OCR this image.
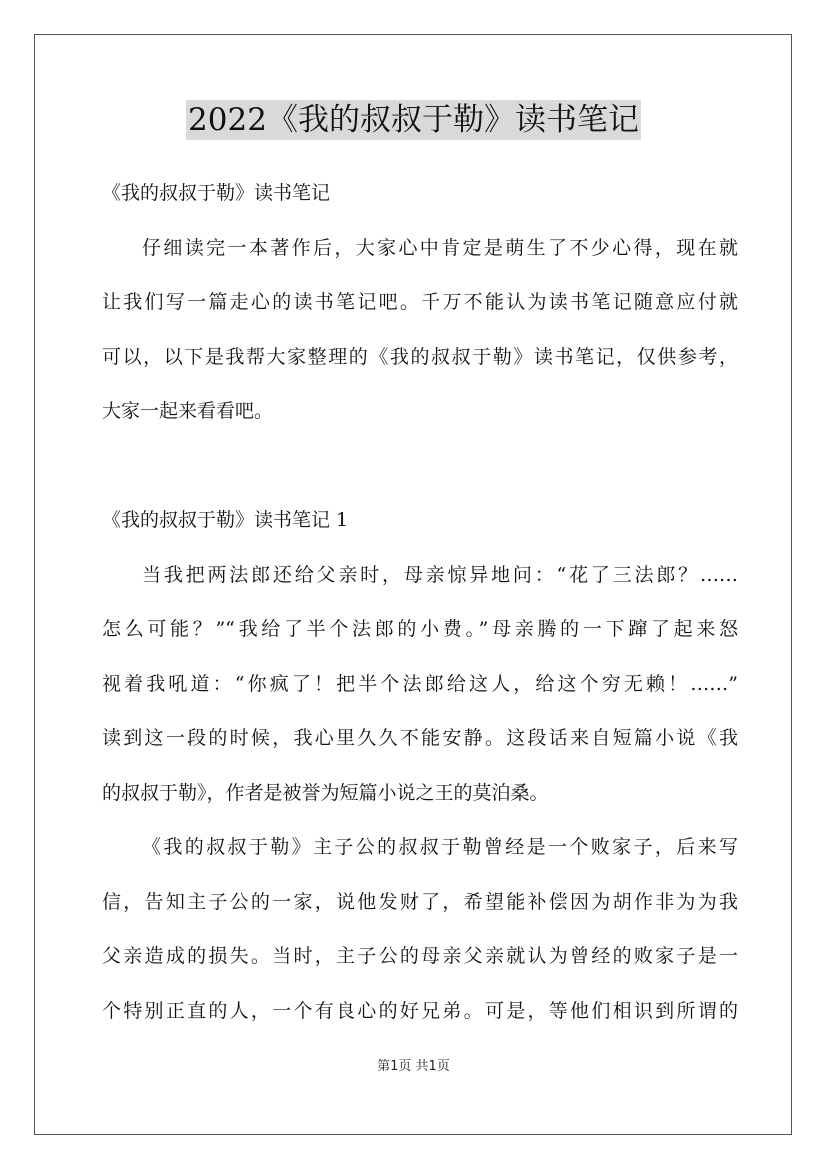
2022《我的叔叔于勒》读书笔记
《我的叔叔于勒》读书笔记
仔细读完一本著作后，大家心中肯定是萌生了不少心得，现在就
让我们写一篇走心的读书笔记吧。千万不能认为读书笔记随意应付就
可以，以下是我帮大家整理的《我的叔叔于勒》读书笔记，仅供参考，
大家一起来看看吧。
《我的叔叔于勒》读书笔记 1
当我把两法郎还给父亲时，母亲惊异地问：“花了三法郎？……
怎么可能？”“我给了半个法郎的小费。”母亲腾的一下蹿了起来怒
视着我吼道：“你疯了！把半个法郎给这人，给这个穷无赖！……”
读到这一段的时候，我心里久久不能安静。这段话来自短篇小说《我
的叔叔于勒》，作者是被誉为短篇小说之王的莫泊桑。
《我的叔叔于勒》主子公的叔叔于勒曾经是一个败家子，后来写
信，告知主子公的一家，说他发财了，希望能补偿因为胡作非为为我
父亲造成的损失。当时，主子公的母亲父亲就认为曾经的败家子是一
个特别正直的人，一个有良心的好兄弟。可是，等他们相识到所谓的
第1页 共1页
